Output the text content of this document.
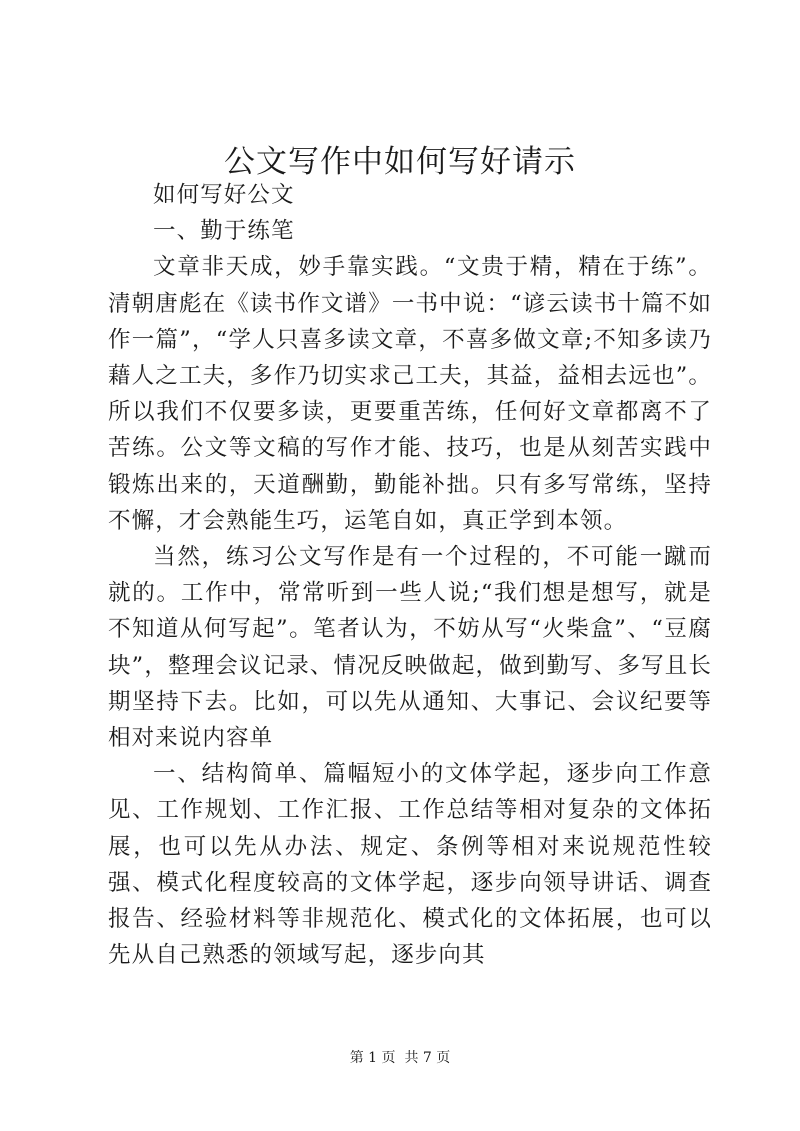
公文写作中如何写好请示

如何写好公文

一、勤于练笔

文章非天成，妙手靠实践。“文贵于精，精在于练”。清朝唐彪在《读书作文谱》一书中说：“谚云读书十篇不如作一篇”，“学人只喜多读文章，不喜多做文章;不知多读乃藉人之工夫，多作乃切实求己工夫，其益，益相去远也”。所以我们不仅要多读，更要重苦练，任何好文章都离不了苦练。公文等文稿的写作才能、技巧，也是从刻苦实践中锻炼出来的，天道酬勤，勤能补拙。只有多写常练，坚持不懈，才会熟能生巧，运笔自如，真正学到本领。

当然，练习公文写作是有一个过程的，不可能一蹴而就的。工作中，常常听到一些人说;“我们想是想写，就是不知道从何写起”。笔者认为，不妨从写“火柴盒”、“豆腐块”，整理会议记录、情况反映做起，做到勤写、多写且长期坚持下去。比如，可以先从通知、大事记、会议纪要等相对来说内容单

一、结构简单、篇幅短小的文体学起，逐步向工作意见、工作规划、工作汇报、工作总结等相对复杂的文体拓展，也可以先从办法、规定、条例等相对来说规范性较强、模式化程度较高的文体学起，逐步向领导讲话、调查报告、经验材料等非规范化、模式化的文体拓展，也可以先从自己熟悉的领域写起，逐步向其

第 1 页  共 7 页
